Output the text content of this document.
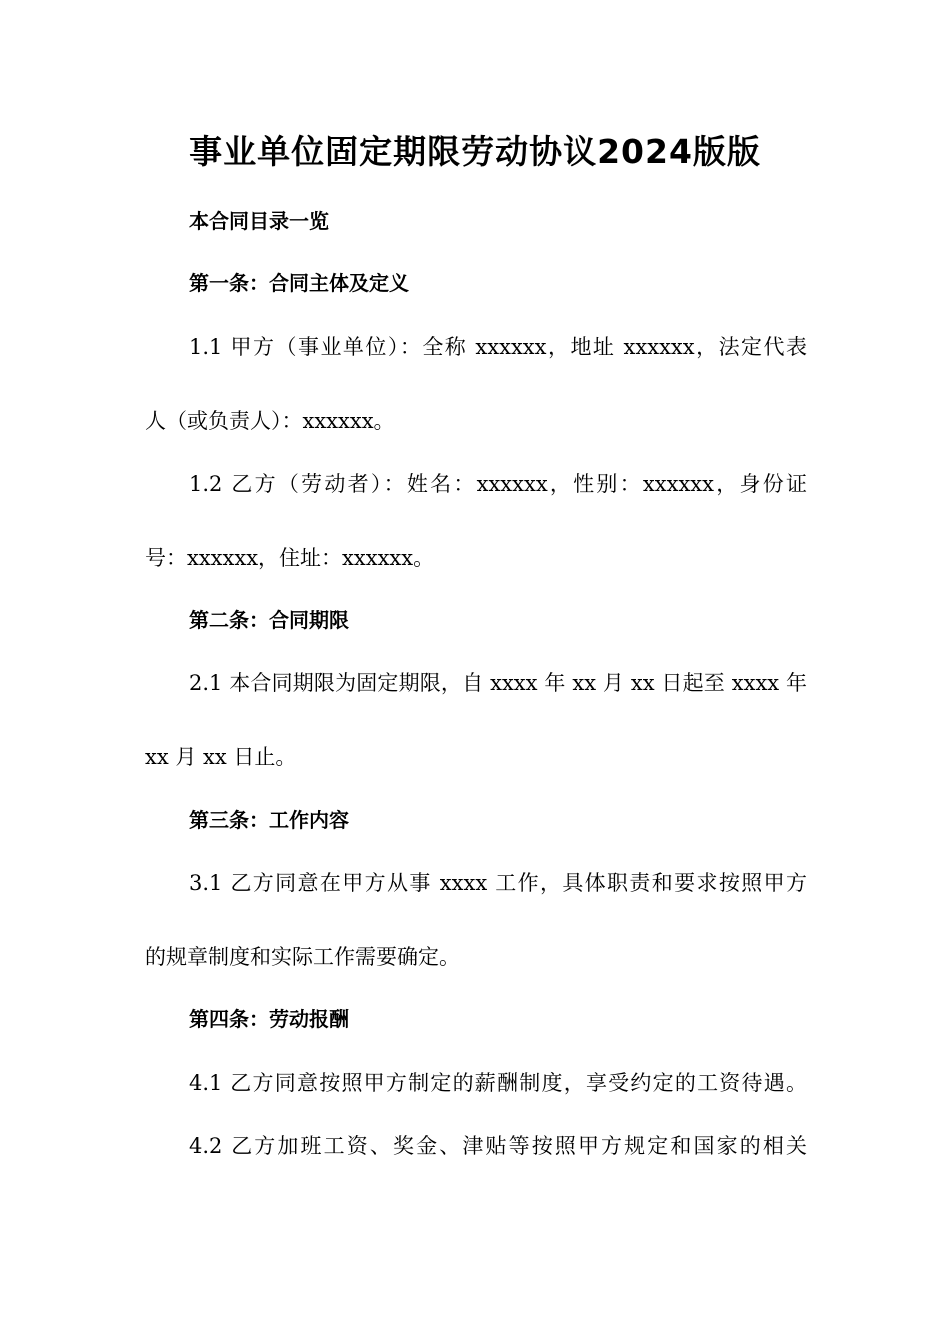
事业单位固定期限劳动协议2024版版
本合同目录一览
第一条：合同主体及定义
1.1 甲方（事业单位）：全称 xxxxxx，地址 xxxxxx，法定代表
人（或负责人）：xxxxxx。
1.2 乙方（劳动者）：姓名：xxxxxx，性别：xxxxxx，身份证
号：xxxxxx，住址：xxxxxx。
第二条：合同期限
2.1 本合同期限为固定期限，自 xxxx 年 xx 月 xx 日起至 xxxx 年
xx 月 xx 日止。
第三条：工作内容
3.1 乙方同意在甲方从事 xxxx 工作，具体职责和要求按照甲方
的规章制度和实际工作需要确定。
第四条：劳动报酬
4.1 乙方同意按照甲方制定的薪酬制度，享受约定的工资待遇。
4.2 乙方加班工资、奖金、津贴等按照甲方规定和国家的相关
